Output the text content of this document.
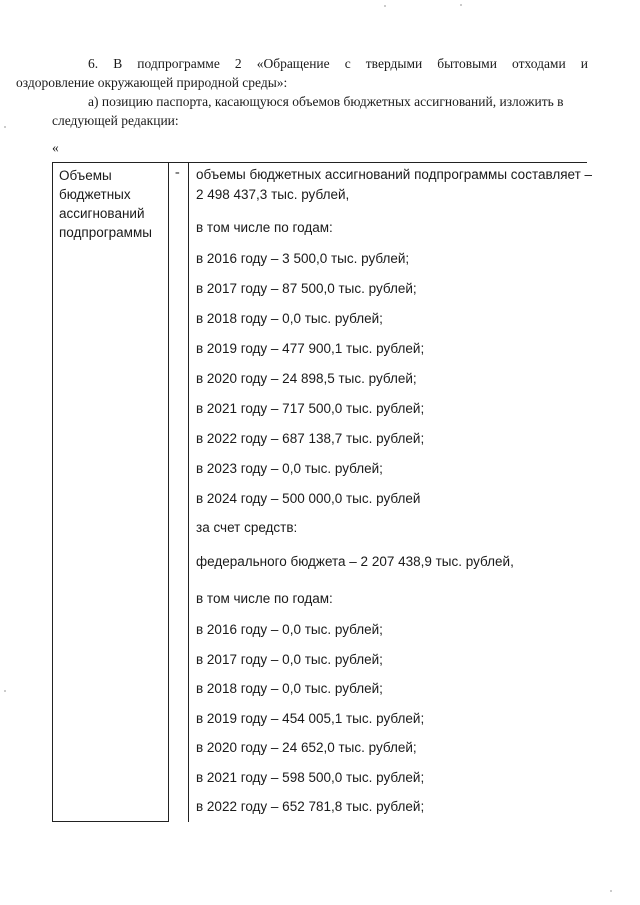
6. В подпрограмме 2 «Обращение с твердыми бытовыми отходами и
оздоровление окружающей природной среды»:

а) позицию паспорта, касающуюся объемов бюджетных ассигнований, изложить в следующей редакции:

«
Объемы
бюджетных
ассигнований
подпрограммы
- объемы бюджетных ассигнований подпрограммы составляет –
2 498 437,3 тыс. рублей,
в том числе по годам:
в 2016 году – 3 500,0 тыс. рублей;
в 2017 году – 87 500,0 тыс. рублей;
в 2018 году – 0,0 тыс. рублей;
в 2019 году – 477 900,1 тыс. рублей;
в 2020 году – 24 898,5 тыс. рублей;
в 2021 году – 717 500,0 тыс. рублей;
в 2022 году – 687 138,7 тыс. рублей;
в 2023 году – 0,0 тыс. рублей;
в 2024 году – 500 000,0 тыс. рублей
за счет средств:
федерального бюджета – 2 207 438,9 тыс. рублей,
в том числе по годам:
в 2016 году – 0,0 тыс. рублей;
в 2017 году – 0,0 тыс. рублей;
в 2018 году – 0,0 тыс. рублей;
в 2019 году – 454 005,1 тыс. рублей;
в 2020 году – 24 652,0 тыс. рублей;
в 2021 году – 598 500,0 тыс. рублей;
в 2022 году – 652 781,8 тыс. рублей;
